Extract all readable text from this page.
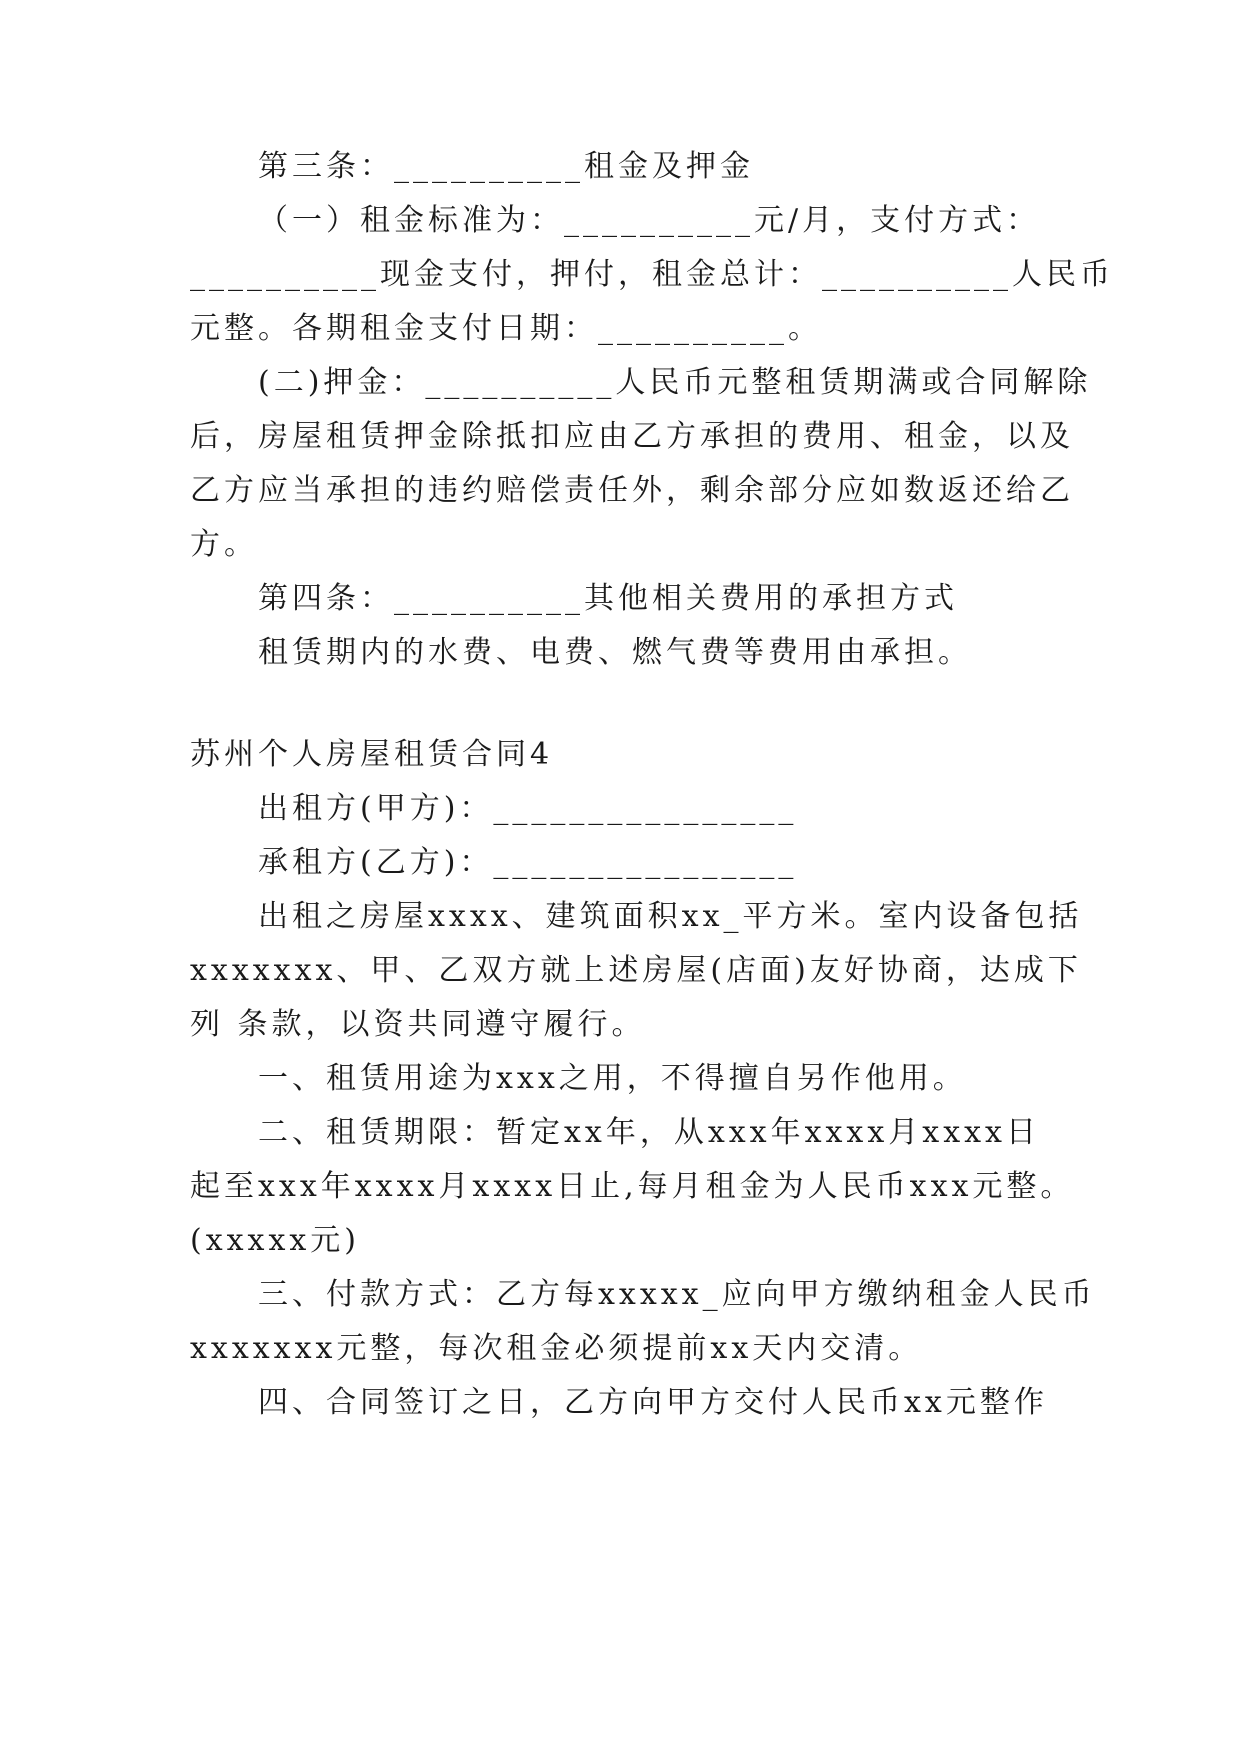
第三条：__________租金及押金
（一）租金标准为：__________元/月，支付方式：
__________现金支付，押付，租金总计：__________人民币
元整。各期租金支付日期：__________。
(二)押金：__________人民币元整租赁期满或合同解除
后，房屋租赁押金除抵扣应由乙方承担的费用、租金，以及
乙方应当承担的违约赔偿责任外，剩余部分应如数返还给乙
方。
第四条：__________其他相关费用的承担方式
租赁期内的水费、电费、燃气费等费用由承担。
苏州个人房屋租赁合同4
出租方(甲方)：________________
承租方(乙方)：________________
出租之房屋xxxx、建筑面积xx_平方米。室内设备包括
xxxxxxx、甲、乙双方就上述房屋(店面)友好协商，达成下
列 条款，以资共同遵守履行。
一、租赁用途为xxx之用，不得擅自另作他用。
二、租赁期限：暂定xx年，从xxx年xxxx月xxxx日
起至xxx年xxxx月xxxx日止,每月租金为人民币xxx元整。
(xxxxx元)
三、付款方式：乙方每xxxxx_应向甲方缴纳租金人民币
xxxxxxx元整，每次租金必须提前xx天内交清。
四、合同签订之日，乙方向甲方交付人民币xx元整作
